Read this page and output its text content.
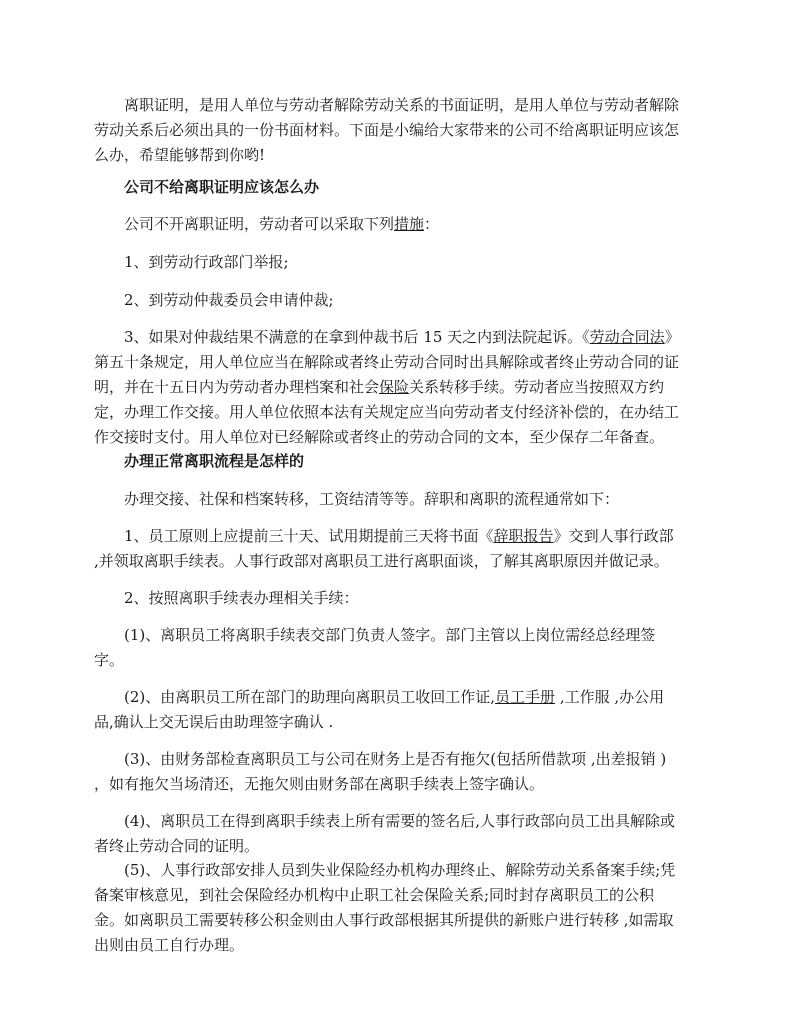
离职证明，是用人单位与劳动者解除劳动关系的书面证明，是用人单位与劳动者解除劳动关系后必须出具的一份书面材料。下面是小编给大家带来的公司不给离职证明应该怎么办，希望能够帮到你哟!

公司不给离职证明应该怎么办

公司不开离职证明，劳动者可以采取下列措施：

1、到劳动行政部门举报;

2、到劳动仲裁委员会申请仲裁;

3、如果对仲裁结果不满意的在拿到仲裁书后 15 天之内到法院起诉。《劳动合同法》第五十条规定，用人单位应当在解除或者终止劳动合同时出具解除或者终止劳动合同的证明，并在十五日内为劳动者办理档案和社会保险关系转移手续。劳动者应当按照双方约定，办理工作交接。用人单位依照本法有关规定应当向劳动者支付经济补偿的，在办结工作交接时支付。用人单位对已经解除或者终止的劳动合同的文本，至少保存二年备查。

办理正常离职流程是怎样的

办理交接、社保和档案转移，工资结清等等。辞职和离职的流程通常如下：

1、员工原则上应提前三十天、试用期提前三天将书面《辞职报告》交到人事行政部 ,并领取离职手续表。人事行政部对离职员工进行离职面谈，了解其离职原因并做记录。

2、按照离职手续表办理相关手续：

(1)、离职员工将离职手续表交部门负责人签字。部门主管以上岗位需经总经理签字。

(2)、由离职员工所在部门的助理向离职员工收回工作证,员工手册 ,工作服 ,办公用品,确认上交无误后由助理签字确认 .

(3)、由财务部检查离职员工与公司在财务上是否有拖欠(包括所借款项 ,出差报销 ) ，如有拖欠当场清还，无拖欠则由财务部在离职手续表上签字确认。

(4)、离职员工在得到离职手续表上所有需要的签名后,人事行政部向员工出具解除或者终止劳动合同的证明。

(5)、人事行政部安排人员到失业保险经办机构办理终止、解除劳动关系备案手续;凭备案审核意见，到社会保险经办机构中止职工社会保险关系;同时封存离职员工的公积金。如离职员工需要转移公积金则由人事行政部根据其所提供的新账户进行转移 ,如需取出则由员工自行办理。
